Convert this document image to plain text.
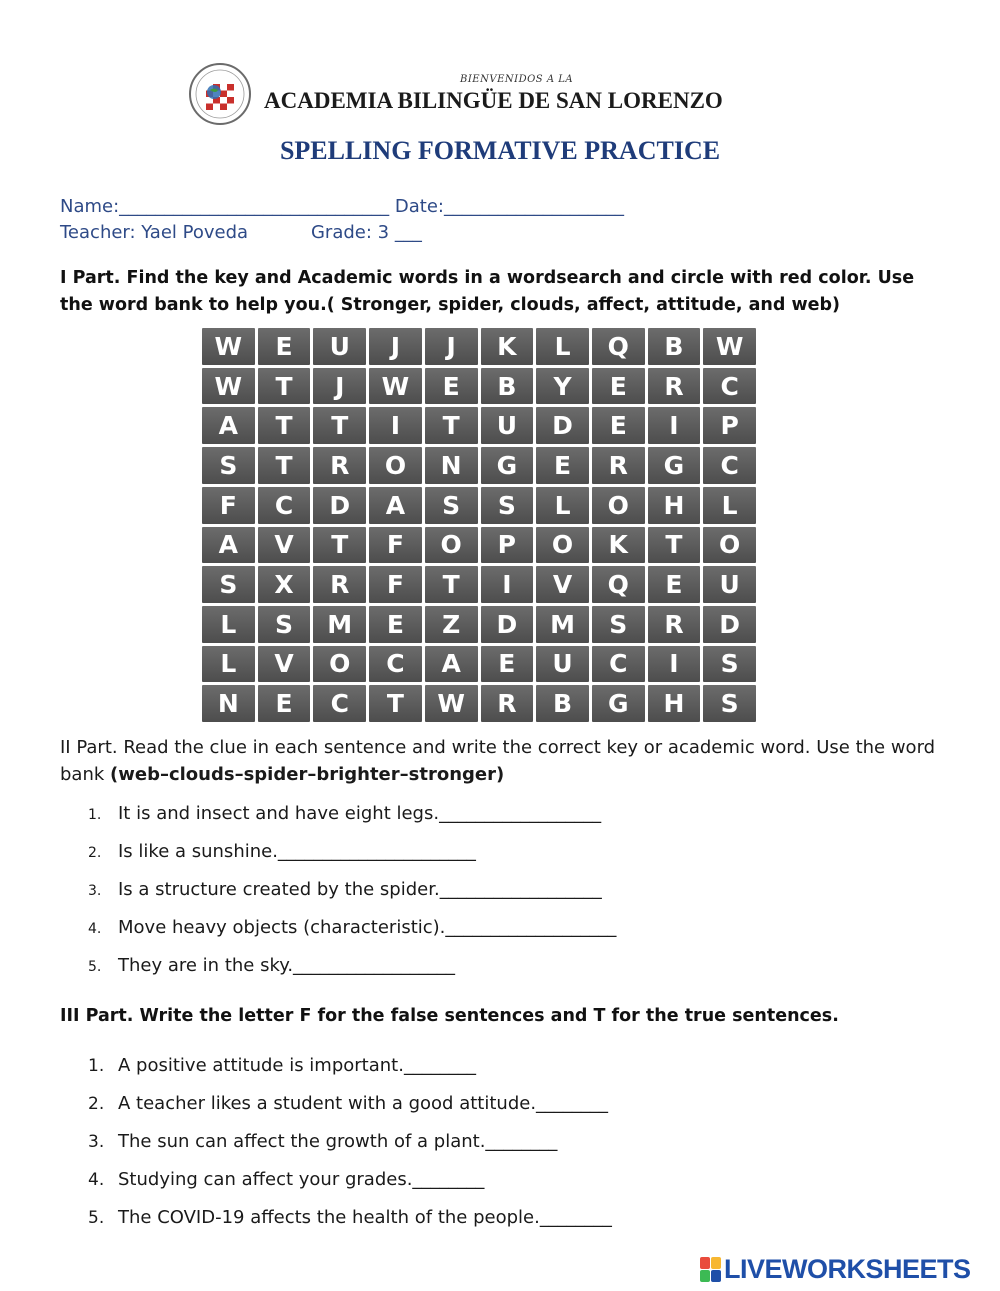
BIENVENIDOS A LA
ACADEMIA BILINGÜE DE SAN LORENZO
SPELLING FORMATIVE PRACTICE
Name:______________________________ Date:____________________
Teacher: Yael Poveda           Grade: 3 ___
I Part. Find the key and Academic words in a wordsearch and circle with red color. Use the word bank to help you.( Stronger, spider, clouds, affect, attitude, and web)
W	E	U	J	J	K	L	Q	B	W
W	T	J	W	E	B	Y	E	R	C
A	T	T	I	T	U	D	E	I	P
S	T	R	O	N	G	E	R	G	C
F	C	D	A	S	S	L	O	H	L
A	V	T	F	O	P	O	K	T	O
S	X	R	F	T	I	V	Q	E	U
L	S	M	E	Z	D	M	S	R	D
L	V	O	C	A	E	U	C	I	S
N	E	C	T	W	R	B	G	H	S
II Part. Read the clue in each sentence and write the correct key or academic word. Use the word bank (web–clouds–spider–brighter–stronger)
1. It is and insect and have eight legs.__________________
2. Is like a sunshine.______________________
3. Is a structure created by the spider.__________________
4. Move heavy objects (characteristic).___________________
5. They are in the sky.__________________
III Part. Write the letter F for the false sentences and T for the true sentences.
1. A positive attitude is important.________
2. A teacher likes a student with a good attitude.________
3. The sun can affect the growth of a plant.________
4. Studying can affect your grades.________
5. The COVID-19 affects the health of the people.________
LIVEWORKSHEETS
